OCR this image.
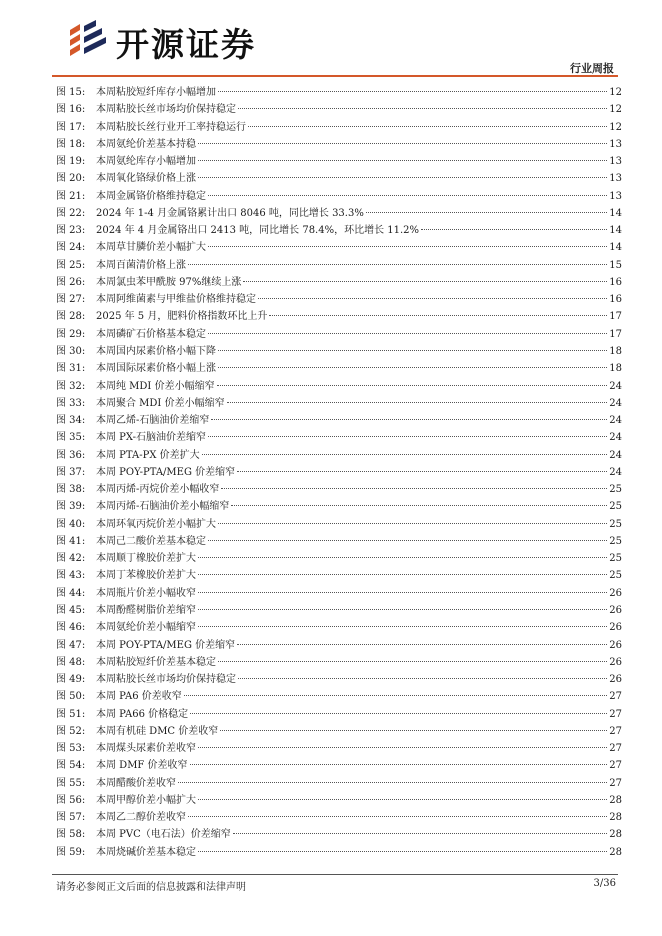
开源证券
行业周报
图 15:	本周粘胶短纤库存小幅增加	12
图 16:	本周粘胶长丝市场均价保持稳定	12
图 17:	本周粘胶长丝行业开工率持稳运行	12
图 18:	本周氨纶价差基本持稳	13
图 19:	本周氨纶库存小幅增加	13
图 20:	本周氧化铬绿价格上涨	13
图 21:	本周金属铬价格维持稳定	13
图 22:	2024 年 1-4 月金属铬累计出口 8046 吨，同比增长 33.3%	14
图 23:	2024 年 4 月金属铬出口 2413 吨，同比增长 78.4%，环比增长 11.2%	14
图 24:	本周草甘膦价差小幅扩大	14
图 25:	本周百菌清价格上涨	15
图 26:	本周氯虫苯甲酰胺 97%继续上涨	16
图 27:	本周阿维菌素与甲维盐价格维持稳定	16
图 28:	2025 年 5 月，肥料价格指数环比上升	17
图 29:	本周磷矿石价格基本稳定	17
图 30:	本周国内尿素价格小幅下降	18
图 31:	本周国际尿素价格小幅上涨	18
图 32:	本周纯 MDI 价差小幅缩窄	24
图 33:	本周聚合 MDI 价差小幅缩窄	24
图 34:	本周乙烯-石脑油价差缩窄	24
图 35:	本周 PX-石脑油价差缩窄	24
图 36:	本周 PTA-PX 价差扩大	24
图 37:	本周 POY-PTA/MEG 价差缩窄	24
图 38:	本周丙烯-丙烷价差小幅收窄	25
图 39:	本周丙烯-石脑油价差小幅缩窄	25
图 40:	本周环氧丙烷价差小幅扩大	25
图 41:	本周己二酸价差基本稳定	25
图 42:	本周顺丁橡胶价差扩大	25
图 43:	本周丁苯橡胶价差扩大	25
图 44:	本周瓶片价差小幅收窄	26
图 45:	本周酚醛树脂价差缩窄	26
图 46:	本周氨纶价差小幅缩窄	26
图 47:	本周 POY-PTA/MEG 价差缩窄	26
图 48:	本周粘胶短纤价差基本稳定	26
图 49:	本周粘胶长丝市场均价保持稳定	26
图 50:	本周 PA6 价差收窄	27
图 51:	本周 PA66 价格稳定	27
图 52:	本周有机硅 DMC 价差收窄	27
图 53:	本周煤头尿素价差收窄	27
图 54:	本周 DMF 价差收窄	27
图 55:	本周醋酸价差收窄	27
图 56:	本周甲醇价差小幅扩大	28
图 57:	本周乙二醇价差收窄	28
图 58:	本周 PVC（电石法）价差缩窄	28
图 59:	本周烧碱价差基本稳定	28
请务必参阅正文后面的信息披露和法律声明	3/36
